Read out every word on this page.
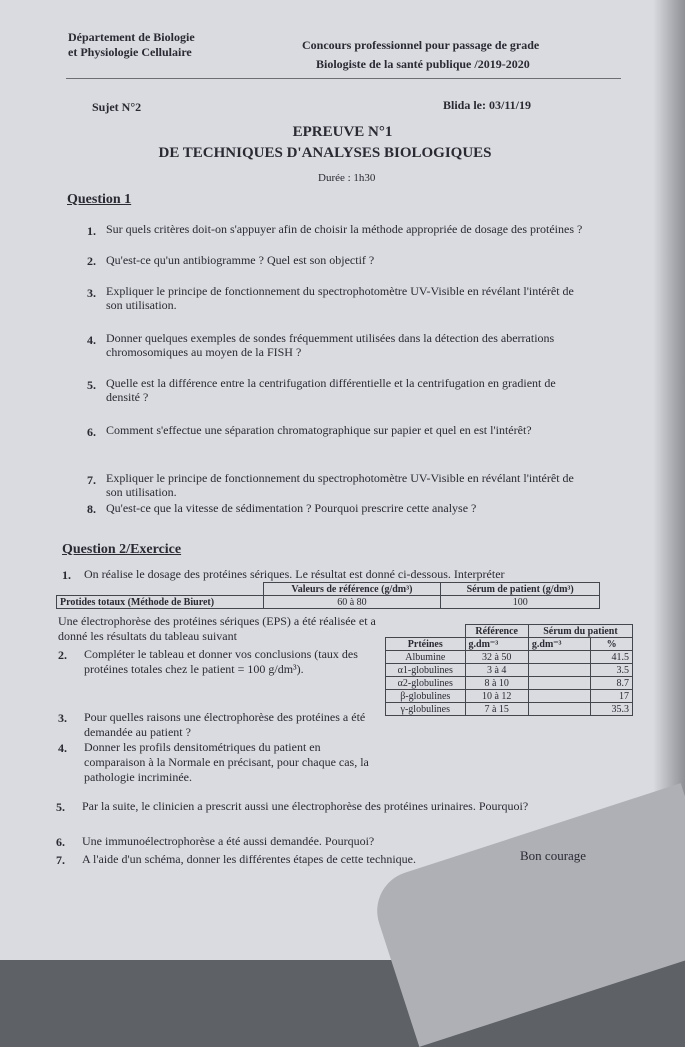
Département de Biologie
et Physiologie Cellulaire	Concours professionnel pour passage de grade
Biologiste de la santé publique /2019-2020
Sujet N°2	Blida le: 03/11/19
EPREUVE N°1
DE TECHNIQUES D'ANALYSES BIOLOGIQUES
Durée : 1h30
Question 1
1. Sur quels critères doit-on s'appuyer afin de choisir la méthode appropriée de dosage des protéines ?
2. Qu'est-ce qu'un antibiogramme ? Quel est son objectif ?
3. Expliquer le principe de fonctionnement du spectrophotomètre UV-Visible en révélant l'intérêt de son utilisation.
4. Donner quelques exemples de sondes fréquemment utilisées dans la détection des aberrations chromosomiques au moyen de la FISH ?
5. Quelle est la différence entre la centrifugation différentielle et la centrifugation en gradient de densité ?
6. Comment s'effectue une séparation chromatographique sur papier et quel en est l'intérêt?
7. Expliquer le principe de fonctionnement du spectrophotomètre UV-Visible en révélant l'intérêt de son utilisation.
8. Qu'est-ce que la vitesse de sédimentation ? Pourquoi prescrire cette analyse ?
Question 2/Exercice
1. On réalise le dosage des protéines sériques. Le résultat est donné ci-dessous. Interpréter
	Valeurs de référence (g/dm³)	Sérum de patient (g/dm³)
Protides totaux (Méthode de Biuret)	60 à 80	100
Une électrophorèse des protéines sériques (EPS) a été réalisée et a donné les résultats du tableau suivant
2. Compléter le tableau et donner vos conclusions (taux des protéines totales chez le patient = 100 g/dm³).
3. Pour quelles raisons une électrophorèse des protéines a été demandée au patient ?
4. Donner les profils densitométriques du patient en comparaison à la Normale en précisant, pour chaque cas, la pathologie incriminée.
	Référence	Sérum du patient	
Prtéines	g.dm⁻³	g.dm⁻³	%
Albumine	32 à 50		41.5
α1-globulines	3 à 4		3.5
α2-globulines	8 à 10		8.7
β-globulines	10 à 12		17
γ-globulines	7 à 15		35.3
5. Par la suite, le clinicien a prescrit aussi une électrophorèse des protéines urinaires. Pourquoi?
6. Une immunoélectrophorèse a été aussi demandée. Pourquoi?
7. A l'aide d'un schéma, donner les différentes étapes de cette technique.	Bon courage
